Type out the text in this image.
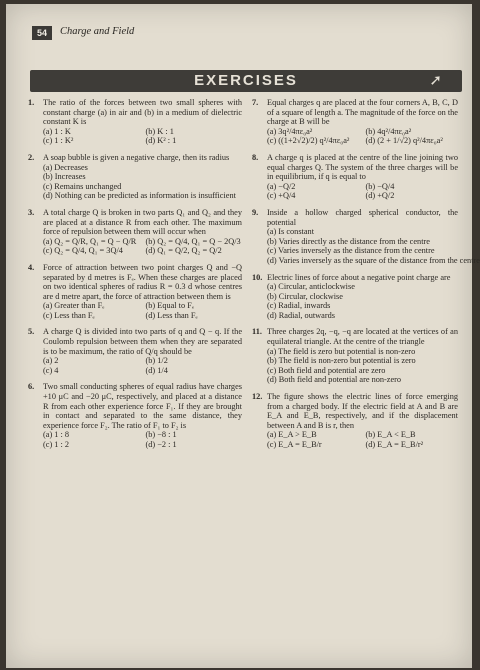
54	Charge and Field
EXERCISES	➚
1. The ratio of the forces between two small spheres with constant charge (a) in air and (b) in a medium of dielectric constant K is
(a) 1 : K	(b) K : 1
(c) 1 : K²	(d) K² : 1
2. A soap bubble is given a negative charge, then its radius
(a) Decreases
(b) Increases
(c) Remains unchanged
(d) Nothing can be predicted as information is insufficient
3. A total charge Q is broken in two parts Q₁ and Q₂ and they are placed at a distance R from each other. The maximum force of repulsion between them will occur when
(a) Q₂ = Q/R, Q₁ = Q − Q/R	(b) Q₂ = Q/4, Q₁ = Q − 2Q/3
(c) Q₂ = Q/4, Q₁ = 3Q/4	(d) Q₁ = Q/2, Q₂ = Q/2
4. Force of attraction between two point charges Q and −Q separated by d metres is Fₑ. When these charges are placed on two identical spheres of radius R = 0.3 d whose centres are d metre apart, the force of attraction between them is
(a) Greater than Fₑ	(b) Equal to Fₑ
(c) Less than Fₑ	(d) Less than Fₑ
5. A charge Q is divided into two parts of q and Q − q. If the Coulomb repulsion between them when they are separated is to be maximum, the ratio of Q/q should be
(a) 2	(b) 1/2
(c) 4	(d) 1/4
6. Two small conducting spheres of equal radius have charges +10 μC and −20 μC, respectively, and placed at a distance R from each other experience force F₁. If they are brought in contact and separated to the same distance, they experience force F₂. The ratio of F₁ to F₂ is
(a) 1 : 8	(b) −8 : 1
(c) 1 : 2	(d) −2 : 1
7. Equal charges q are placed at the four corners A, B, C, D of a square of length a. The magnitude of the force on the charge at B will be
(a) 3q²/4πε₀a²	(b) 4q²/4πε₀a²
(c) ((1+2√2)/2) q²/4πε₀a²	(d) (2 + 1/√2) q²/4πε₀a²
8. A charge q is placed at the centre of the line joining two equal charges Q. The system of the three charges will be in equilibrium, if q is equal to
(a) −Q/2	(b) −Q/4
(c) +Q/4	(d) +Q/2
9. Inside a hollow charged spherical conductor, the potential
(a) Is constant
(b) Varies directly as the distance from the centre
(c) Varies inversely as the distance from the centre
(d) Varies inversely as the square of the distance from the centre
10. Electric lines of force about a negative point charge are
(a) Circular, anticlockwise
(b) Circular, clockwise
(c) Radial, inwards
(d) Radial, outwards
11. Three charges 2q, −q, −q are located at the vertices of an equilateral triangle. At the centre of the triangle
(a) The field is zero but potential is non-zero
(b) The field is non-zero but potential is zero
(c) Both field and potential are zero
(d) Both field and potential are non-zero
12. The figure shows the electric lines of force emerging from a charged body. If the electric field at A and B are E_A and E_B, respectively, and if the displacement between A and B is r, then
(a) E_A > E_B	(b) E_A < E_B
(c) E_A = E_B/r	(d) E_A = E_B/r²
